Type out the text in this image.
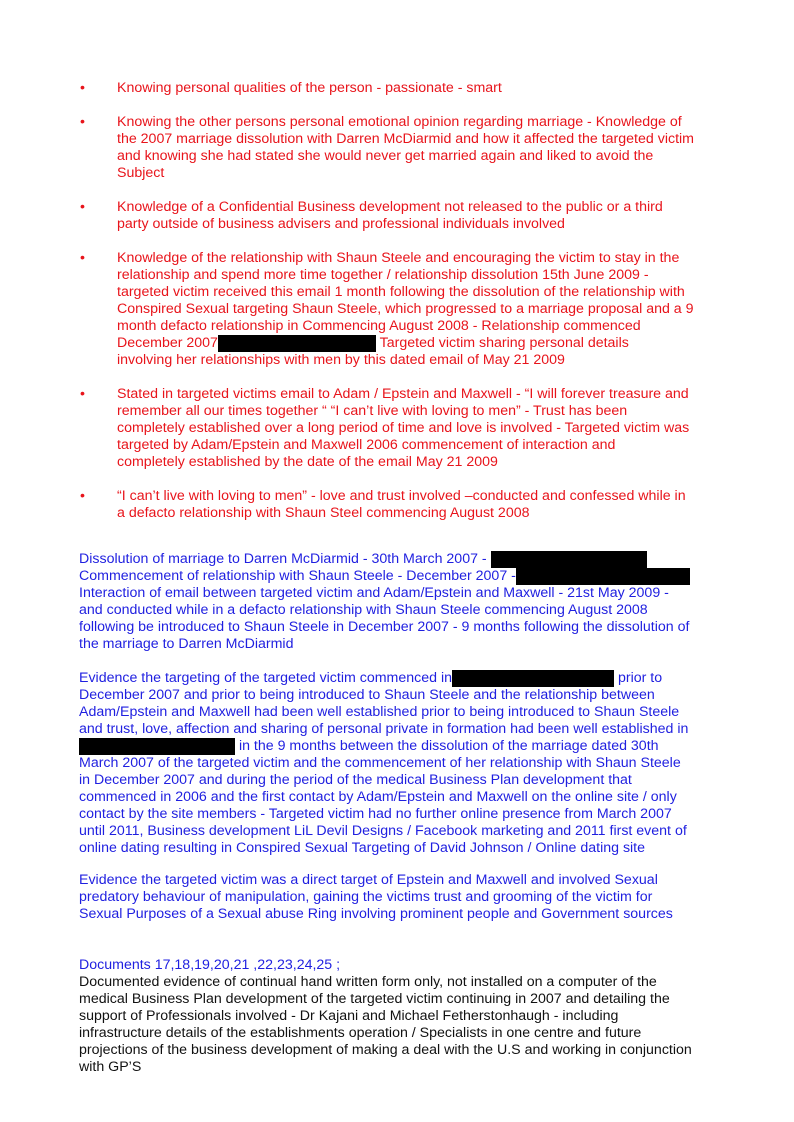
• Knowing personal qualities of the person - passionate - smart
• Knowing the other persons personal emotional opinion regarding marriage - Knowledge of
the 2007 marriage dissolution with Darren McDiarmid and how it affected the targeted victim
and knowing she had stated she would never get married again and liked to avoid the
Subject
• Knowledge of a Confidential Business development not released to the public or a third
party outside of business advisers and professional individuals involved
• Knowledge of the relationship with Shaun Steele and encouraging the victim to stay in the
relationship and spend more time together / relationship dissolution 15th June 2009 -
targeted victim received this email 1 month following the dissolution of the relationship with
Conspired Sexual targeting Shaun Steele, which progressed to a marriage proposal and a 9
month defacto relationship in Commencing August 2008 - Relationship commenced
December 2007	Targeted victim sharing personal details
involving her relationships with men by this dated email of May 21 2009
• Stated in targeted victims email to Adam / Epstein and Maxwell - “I will forever treasure and
remember all our times together “ “I can’t live with loving to men” - Trust has been
completely established over a long period of time and love is involved - Targeted victim was
targeted by Adam/Epstein and Maxwell 2006 commencement of interaction and
completely established by the date of the email May 21 2009
• “I can’t live with loving to men” - love and trust involved –conducted and confessed while in
a defacto relationship with Shaun Steel commencing August 2008
Dissolution of marriage to Darren McDiarmid - 30th March 2007 -
Commencement of relationship with Shaun Steele - December 2007 -
Interaction of email between targeted victim and Adam/Epstein and Maxwell - 21st May 2009 -
and conducted while in a defacto relationship with Shaun Steele commencing August 2008
following be introduced to Shaun Steele in December 2007 - 9 months following the dissolution of
the marriage to Darren McDiarmid
Evidence the targeting of the targeted victim commenced in	prior to
December 2007 and prior to being introduced to Shaun Steele and the relationship between
Adam/Epstein and Maxwell had been well established prior to being introduced to Shaun Steele
and trust, love, affection and sharing of personal private in formation had been well established in
in the 9 months between the dissolution of the marriage dated 30th
March 2007 of the targeted victim and the commencement of her relationship with Shaun Steele
in December 2007 and during the period of the medical Business Plan development that
commenced in 2006 and the first contact by Adam/Epstein and Maxwell on the online site / only
contact by the site members - Targeted victim had no further online presence from March 2007
until 2011, Business development LiL Devil Designs / Facebook marketing and 2011 first event of
online dating resulting in Conspired Sexual Targeting of David Johnson / Online dating site
Evidence the targeted victim was a direct target of Epstein and Maxwell and involved Sexual
predatory behaviour of manipulation, gaining the victims trust and grooming of the victim for
Sexual Purposes of a Sexual abuse Ring involving prominent people and Government sources
Documents 17,18,19,20,21 ,22,23,24,25 ;
Documented evidence of continual hand written form only, not installed on a computer of the
medical Business Plan development of the targeted victim continuing in 2007 and detailing the
support of Professionals involved - Dr Kajani and Michael Fetherstonhaugh - including
infrastructure details of the establishments operation / Specialists in one centre and future
projections of the business development of making a deal with the U.S and working in conjunction
with GP’S
